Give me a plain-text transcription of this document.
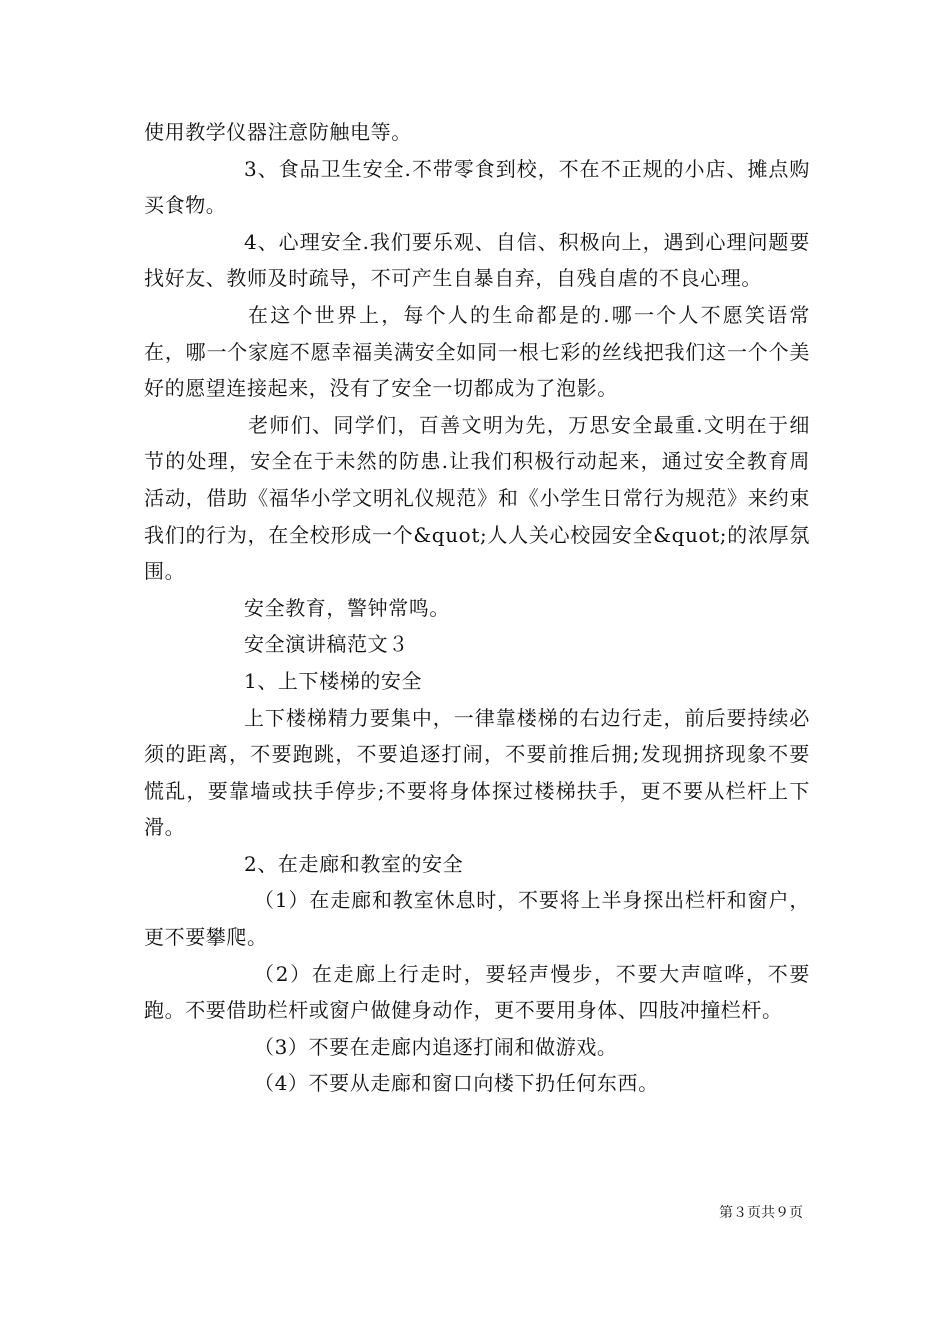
使用教学仪器注意防触电等。

3、食品卫生安全.不带零食到校，不在不正规的小店、摊点购买食物。

4、心理安全.我们要乐观、自信、积极向上，遇到心理问题要找好友、教师及时疏导，不可产生自暴自弃，自残自虐的不良心理。

在这个世界上，每个人的生命都是的.哪一个人不愿笑语常在，哪一个家庭不愿幸福美满安全如同一根七彩的丝线把我们这一个个美好的愿望连接起来，没有了安全一切都成为了泡影。

老师们、同学们，百善文明为先，万思安全最重.文明在于细节的处理，安全在于未然的防患.让我们积极行动起来，通过安全教育周活动，借助《福华小学文明礼仪规范》和《小学生日常行为规范》来约束我们的行为，在全校形成一个&quot;人人关心校园安全&quot;的浓厚氛围。

安全教育，警钟常鸣。

安全演讲稿范文３

1、上下楼梯的安全

上下楼梯精力要集中，一律靠楼梯的右边行走，前后要持续必须的距离，不要跑跳，不要追逐打闹，不要前推后拥;发现拥挤现象不要慌乱，要靠墙或扶手停步;不要将身体探过楼梯扶手，更不要从栏杆上下滑。

2、在走廊和教室的安全

（1）在走廊和教室休息时，不要将上半身探出栏杆和窗户，更不要攀爬。

（2）在走廊上行走时，要轻声慢步，不要大声喧哗，不要跑。不要借助栏杆或窗户做健身动作，更不要用身体、四肢冲撞栏杆。

（3）不要在走廊内追逐打闹和做游戏。

（4）不要从走廊和窗口向楼下扔任何东西。

第３页共９页
